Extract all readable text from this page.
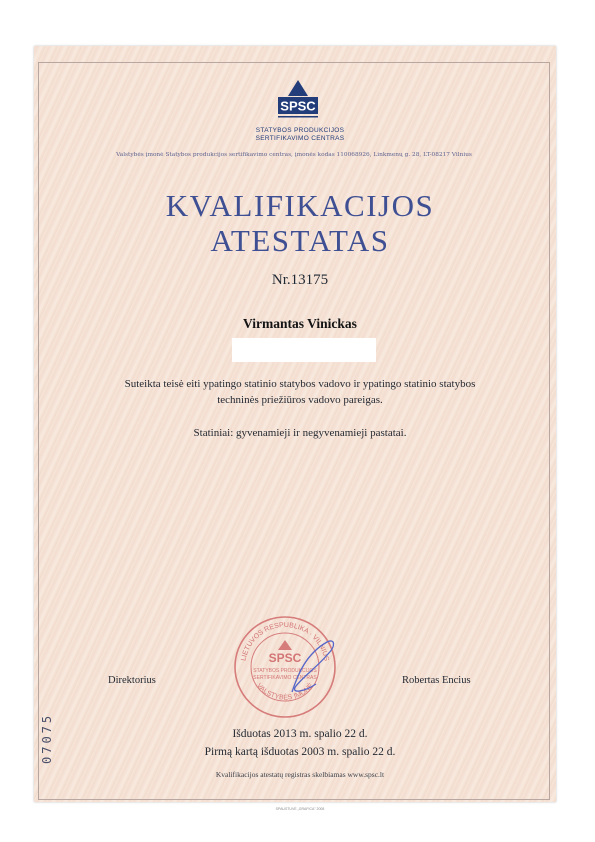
SPSC
STATYBOS PRODUKCIJOS
SERTIFIKAVIMO CENTRAS
Valstybės įmonė Statybos produkcijos sertifikavimo centras, įmonės kodas 110068926, Linkmenų g. 28, LT-08217 Vilnius
KVALIFIKACIJOS
ATESTATAS
Nr.13175
Virmantas Vinickas
Suteikta teisė eiti ypatingo statinio statybos vadovo ir ypatingo statinio statybos
techninės priežiūros vadovo pareigas.
Statiniai: gyvenamieji ir negyvenamieji pastatai.
LIETUVOS RESPUBLIKA · VILNIUS
VALSTYBĖS ĮMONĖ
SPSC
STATYBOS PRODUKCIJOS
SERTIFIKAVIMO CENTRAS
Direktorius	Robertas Encius
Išduotas 2013 m. spalio 22 d.
Pirmą kartą išduotas 2003 m. spalio 22 d.
Kvalifikacijos atestatų registras skelbiamas www.spsc.lt
07075
SPAUSTUVĖ „GRAFICA" 2008
